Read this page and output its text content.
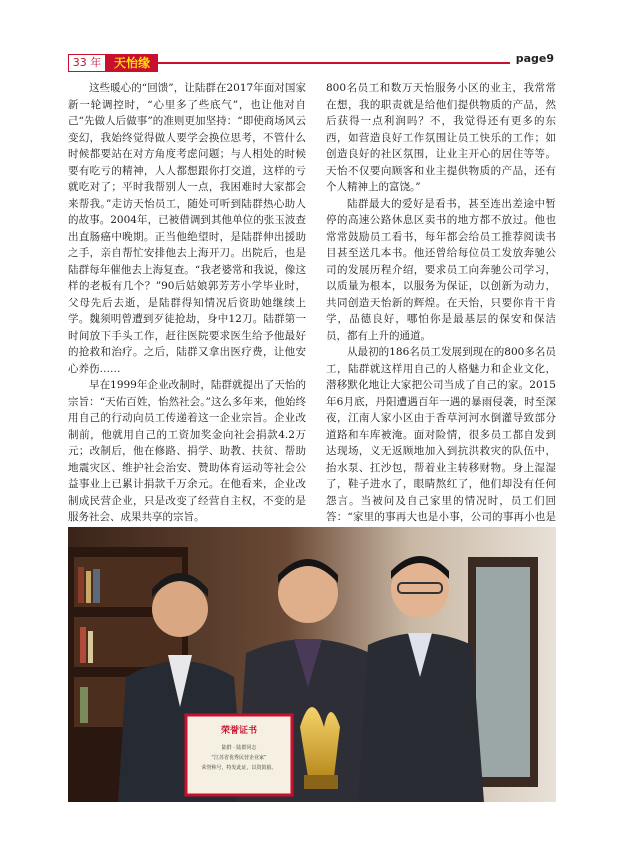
33 年	天怡缘	page9

这些暖心的“回馈”，让陆群在2017年面对国家新一轮调控时，“心里多了些底气”，也让他对自己“先做人后做事”的准则更加坚持：“即使商场风云变幻，我始终觉得做人要学会换位思考，不管什么时候都要站在对方角度考虑问题；与人相处的时候要有吃亏的精神，人人都想跟你打交道，这样的亏就吃对了；平时我帮别人一点，我困难时大家都会来帮我。”走访天怡员工，随处可听到陆群热心助人的故事。2004年，已被借调到其他单位的张玉波查出直肠癌中晚期。正当他绝望时，是陆群伸出援助之手，亲自帮忙安排他去上海开刀。出院后，也是陆群每年催他去上海复查。“我老婆常和我说，像这样的老板有几个？”90后姑娘郭芳芳小学毕业时，父母先后去逝，是陆群得知情况后资助她继续上学。魏须明曾遭到歹徒抢劫，身中12刀。陆群第一时间放下手头工作，赶往医院要求医生给予他最好的抢救和治疗。之后，陆群又拿出医疗费，让他安心养伤……

早在1999年企业改制时，陆群就提出了天怡的宗旨：“天佑百姓，怡然社会。”这么多年来，他始终用自己的行动向员工传递着这一企业宗旨。企业改制前，他就用自己的工资加奖金向社会捐款4.2万元；改制后，他在修路、捐学、助教、扶贫、帮助地震灾区、维护社会治安、赞助体育运动等社会公益事业上已累计捐款千万余元。在他看来，企业改制成民营企业，只是改变了经营自主权，不变的是服务社会、成果共享的宗旨。

800名员工和数万天怡服务小区的业主，我常常在想，我的职责就是给他们提供物质的产品，然后获得一点利润吗？不，我觉得还有更多的东西，如营造良好工作氛围让员工快乐的工作；如创造良好的社区氛围，让业主开心的居住等等。天怡不仅要向顾客和业主提供物质的产品，还有个人精神上的富饶。”

陆群最大的爱好是看书，甚至连出差途中暂停的高速公路休息区卖书的地方都不放过。他也常常鼓励员工看书，每年都会给员工推荐阅读书目甚至送几本书。他还曾给每位员工发放奔驰公司的发展历程介绍，要求员工向奔驰公司学习，以质量为根本，以服务为保证，以创新为动力，共同创造天怡新的辉煌。在天怡，只要你肯干肯学，品德良好，哪怕你是最基层的保安和保洁员，都有上升的通道。

从最初的186名员工发展到现在的800多名员工，陆群就这样用自己的人格魅力和企业文化，潜移默化地让大家把公司当成了自己的家。2015年6月底，丹阳遭遇百年一遇的暴雨侵袭，时至深夜，江南人家小区由于香草河河水倒灌导致部分道路和车库被淹。面对险情，很多员工都自发到达现场，义无返顾地加入到抗洪救灾的队伍中，抬水泵、扛沙包，帮着业主转移财物。身上湿湿了，鞋子进水了，眼睛熬红了，他们却没有任何怨言。当被问及自己家里的情况时，员工们回答：“家里的事再大也是小事，公司的事再小也是

荣誉证书
陆群 · 陆群同志
“江苏省优秀民营企业家”
荣誉称号，特发此证，以资鼓励。
